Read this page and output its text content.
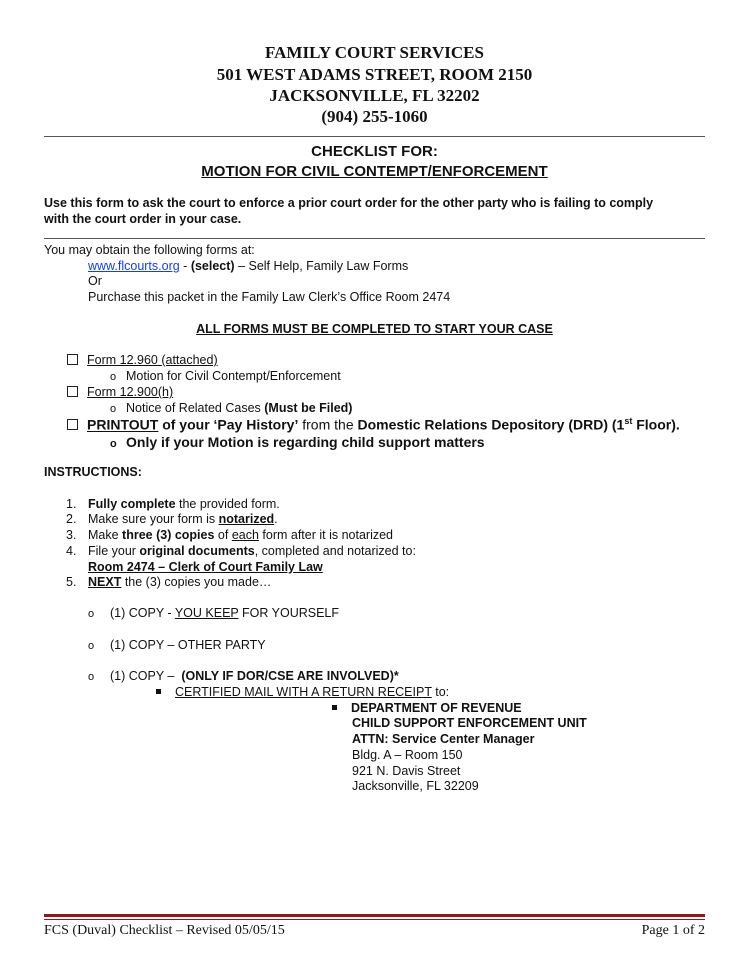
FAMILY COURT SERVICES
501 WEST ADAMS STREET, ROOM 2150
JACKSONVILLE, FL 32202
(904) 255-1060
CHECKLIST FOR:
MOTION FOR CIVIL CONTEMPT/ENFORCEMENT
Use this form to ask the court to enforce a prior court order for the other party who is failing to comply
with the court order in your case.
You may obtain the following forms at:
www.flcourts.org - (select) – Self Help, Family Law Forms
Or
Purchase this packet in the Family Law Clerk’s Office Room 2474
ALL FORMS MUST BE COMPLETED TO START YOUR CASE
Form 12.960 (attached)
o Motion for Civil Contempt/Enforcement
Form 12.900(h)
o Notice of Related Cases (Must be Filed)
PRINTOUT of your ‘Pay History’ from the Domestic Relations Depository (DRD) (1st Floor).
o Only if your Motion is regarding child support matters
INSTRUCTIONS:
1. Fully complete the provided form.
2. Make sure your form is notarized.
3. Make three (3) copies of each form after it is notarized
4. File your original documents, completed and notarized to:
Room 2474 – Clerk of Court Family Law
5. NEXT the (3) copies you made…
o (1) COPY - YOU KEEP FOR YOURSELF
o (1) COPY – OTHER PARTY
o (1) COPY –  (ONLY IF DOR/CSE ARE INVOLVED)*
CERTIFIED MAIL WITH A RETURN RECEIPT to:
DEPARTMENT OF REVENUE
CHILD SUPPORT ENFORCEMENT UNIT
ATTN: Service Center Manager
Bldg. A – Room 150
921 N. Davis Street
Jacksonville, FL 32209
FCS (Duval) Checklist – Revised 05/05/15	Page 1 of 2
